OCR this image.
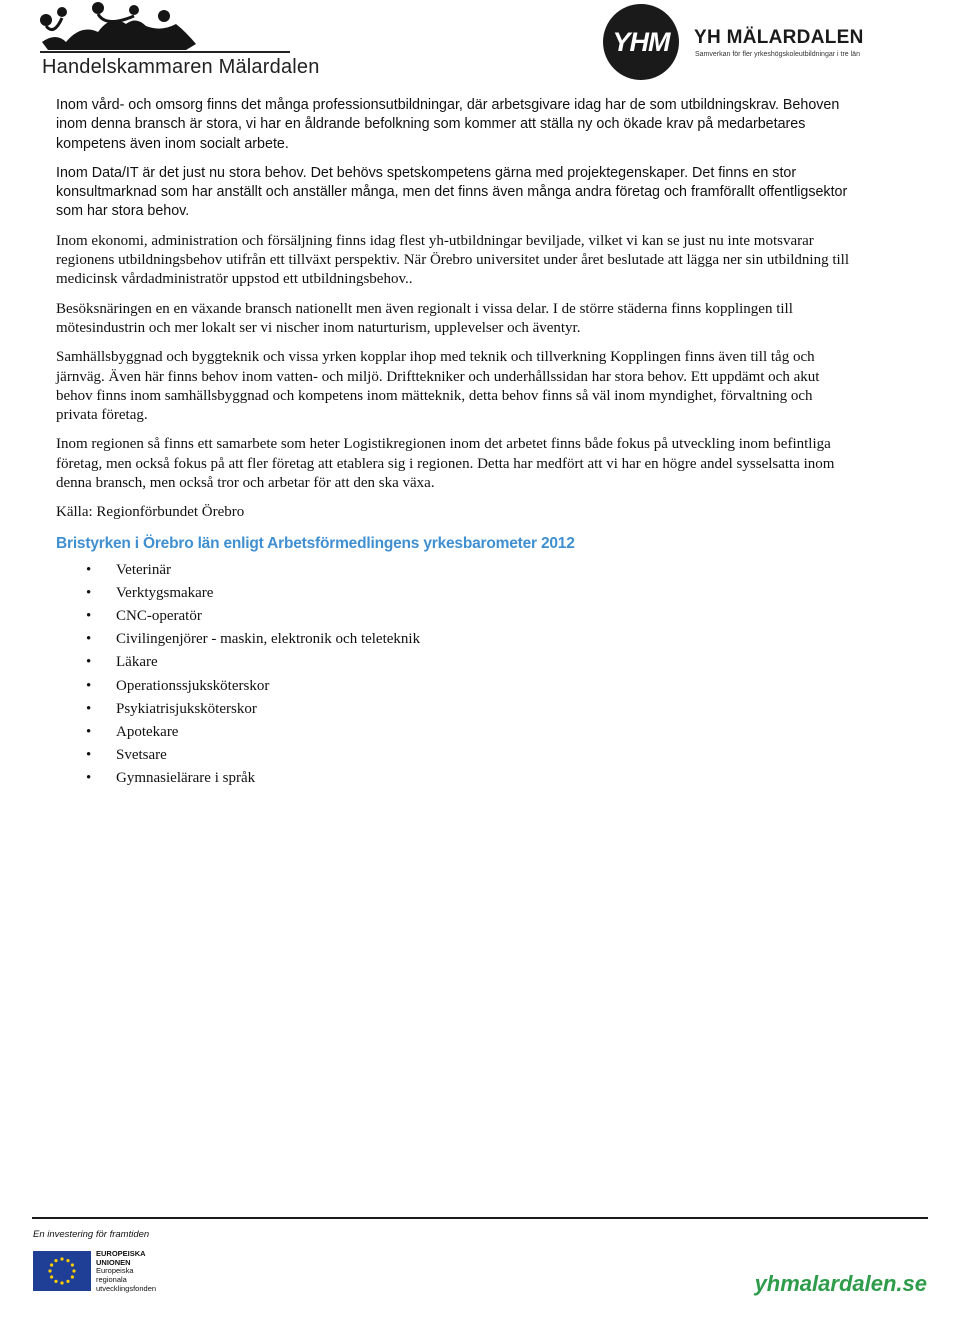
Handelskammaren Mälardalen
YHM	YH MÄLARDALEN
Samverkan för fler yrkeshögskoleutbildningar i tre län

Inom vård- och omsorg finns det många professionsutbildningar, där arbetsgivare idag har de som utbildningskrav. Behoven inom denna bransch är stora, vi har en åldrande befolkning som kommer att ställa ny och ökade krav på medarbetares kompetens även inom socialt arbete.

Inom Data/IT är det just nu stora behov. Det behövs spetskompetens gärna med projektegenskaper. Det finns en stor konsultmarknad som har anställt och anställer många, men det finns även många andra företag och framförallt offentligsektor som har stora behov.

Inom ekonomi, administration och försäljning finns idag flest yh-utbildningar beviljade, vilket vi kan se just nu inte motsvarar regionens utbildningsbehov utifrån ett tillväxt perspektiv. När Örebro universitet under året beslutade att lägga ner sin utbildning till medicinsk vårdadministratör uppstod ett utbildningsbehov..

Besöksnäringen en en växande bransch nationellt men även regionalt i vissa delar. I de större städerna finns kopplingen till mötesindustrin och mer lokalt ser vi nischer inom naturturism, upplevelser och äventyr.

Samhällsbyggnad och byggteknik och vissa yrken kopplar ihop med teknik och tillverkning Kopplingen finns även till tåg och järnväg. Även här finns behov inom vatten- och miljö. Drifttekniker och underhållssidan har stora behov. Ett uppdämt och akut behov finns inom samhällsbyggnad och kompetens inom mätteknik, detta behov finns så väl inom myndighet, förvaltning och privata företag.

Inom regionen så finns ett samarbete som heter Logistikregionen inom det arbetet finns både fokus på utveckling inom befintliga företag, men också fokus på att fler företag att etablera sig i regionen. Detta har medfört att vi har en högre andel sysselsatta inom denna bransch, men också tror och arbetar för att den ska växa.

Källa: Regionförbundet Örebro

Bristyrken i Örebro län enligt Arbetsförmedlingens yrkesbarometer 2012
• Veterinär
• Verktygsmakare
• CNC-operatör
• Civilingenjörer - maskin, elektronik och teleteknik
• Läkare
• Operationssjuksköterskor
• Psykiatrisjuksköterskor
• Apotekare
• Svetsare
• Gymnasielärare i språk
En investering för framtiden
EUROPEISKA
UNIONEN
Europeiska
regionala
utvecklingsfonden	yhmalardalen.se
